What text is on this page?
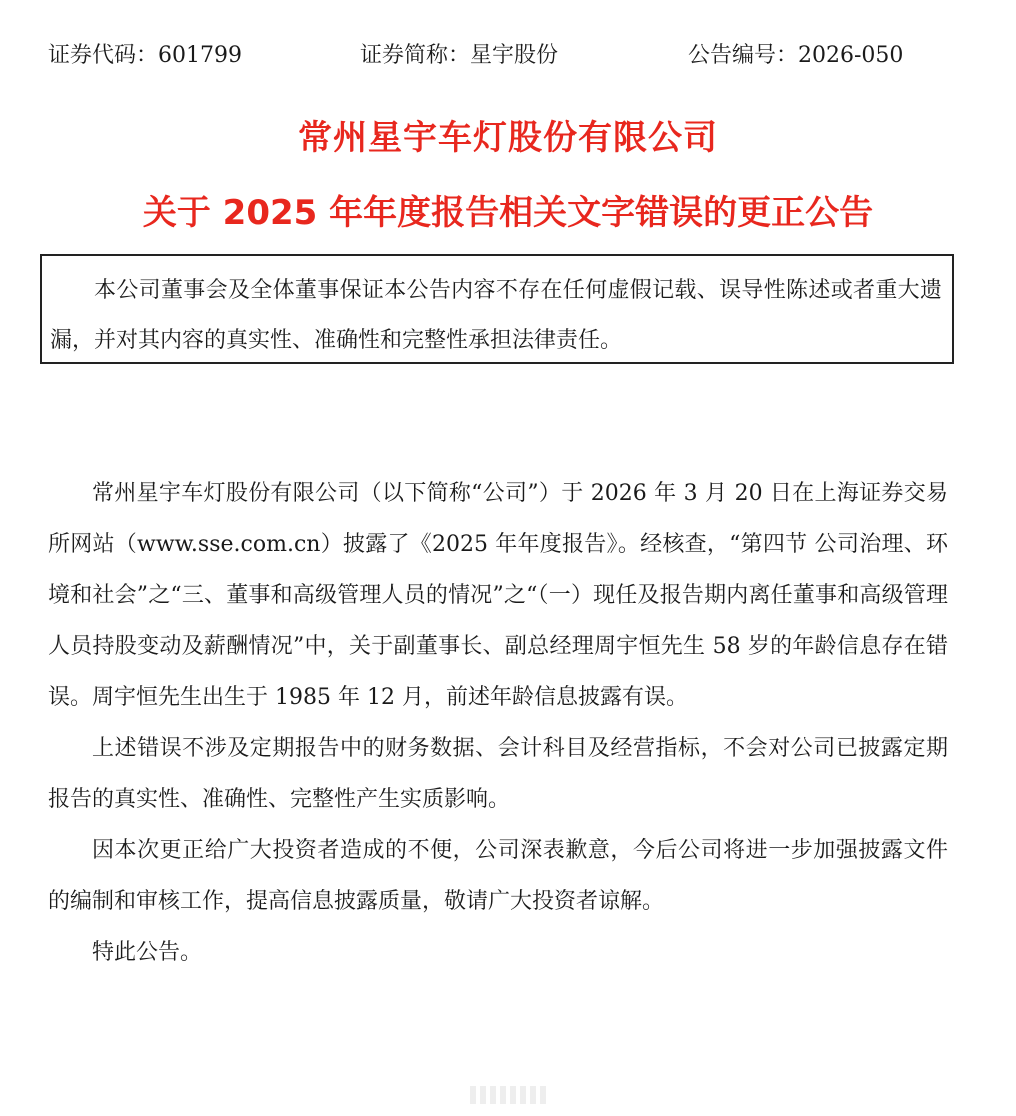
证券代码：601799	证券简称：星宇股份	公告编号：2026-050
常州星宇车灯股份有限公司
关于 2025 年年度报告相关文字错误的更正公告
本公司董事会及全体董事保证本公告内容不存在任何虚假记载、误导性陈述或者重大遗漏，并对其内容的真实性、准确性和完整性承担法律责任。

常州星宇车灯股份有限公司（以下简称“公司”）于 2026 年 3 月 20 日在上海证券交易所网站（www.sse.com.cn）披露了《2025 年年度报告》。经核查，“第四节 公司治理、环境和社会”之“三、董事和高级管理人员的情况”之“（一）现任及报告期内离任董事和高级管理人员持股变动及薪酬情况”中，关于副董事长、副总经理周宇恒先生 58 岁的年龄信息存在错误。周宇恒先生出生于 1985 年 12 月，前述年龄信息披露有误。

上述错误不涉及定期报告中的财务数据、会计科目及经营指标，不会对公司已披露定期报告的真实性、准确性、完整性产生实质影响。

因本次更正给广大投资者造成的不便，公司深表歉意，今后公司将进一步加强披露文件的编制和审核工作，提高信息披露质量，敬请广大投资者谅解。

特此公告。
